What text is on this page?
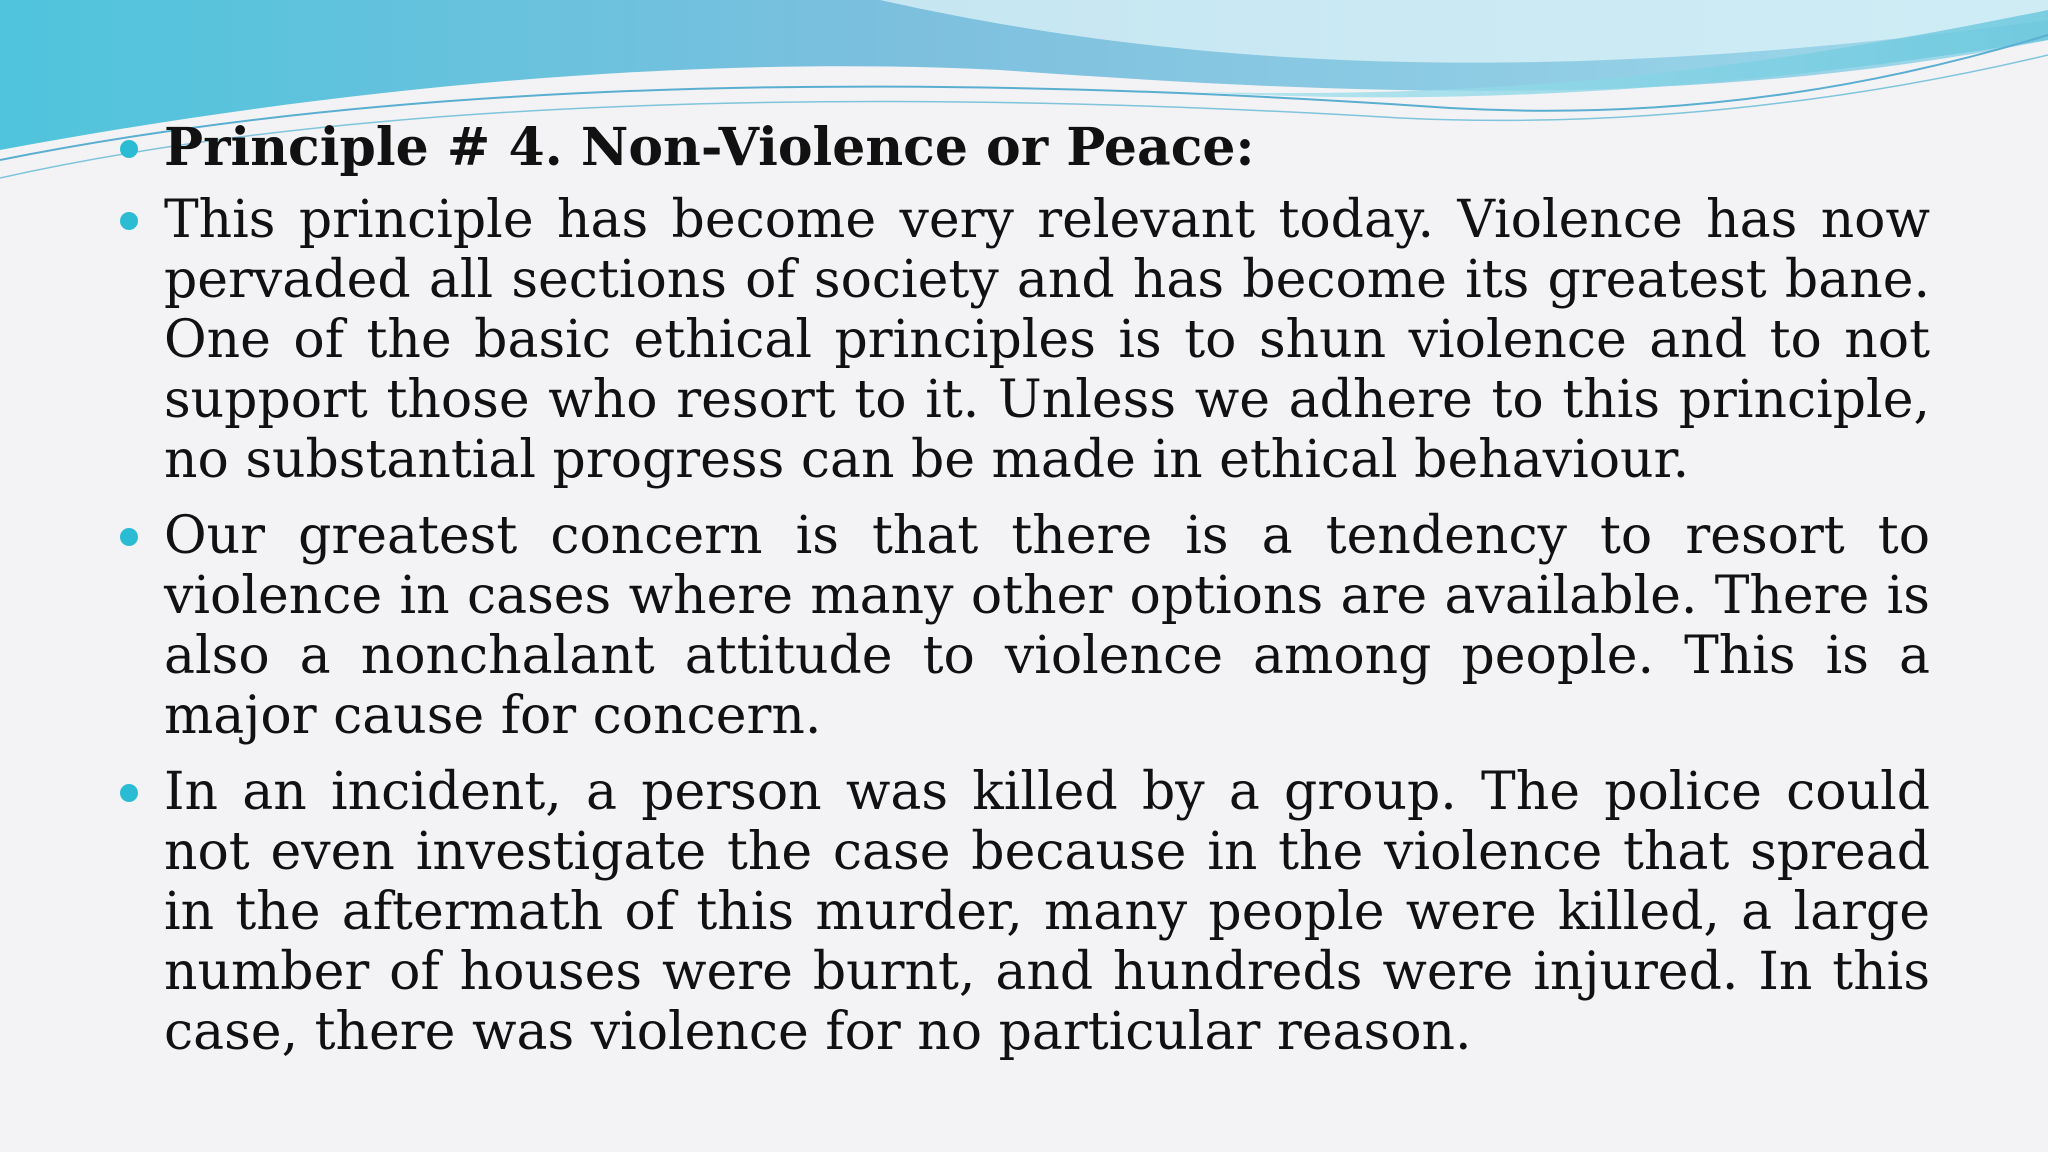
Principle # 4. Non-Violence or Peace:
This principle has become very relevant today. Violence has now pervaded all sections of society and has become its greatest bane. One of the basic ethical principles is to shun violence and to not support those who resort to it. Unless we adhere to this principle, no substantial progress can be made in ethical behaviour.
Our greatest concern is that there is a tendency to resort to violence in cases where many other options are available. There is also a nonchalant attitude to violence among people. This is a major cause for concern.
In an incident, a person was killed by a group. The police could not even investigate the case because in the violence that spread in the aftermath of this murder, many people were killed, a large number of houses were burnt, and hundreds were injured. In this case, there was violence for no particular reason.
